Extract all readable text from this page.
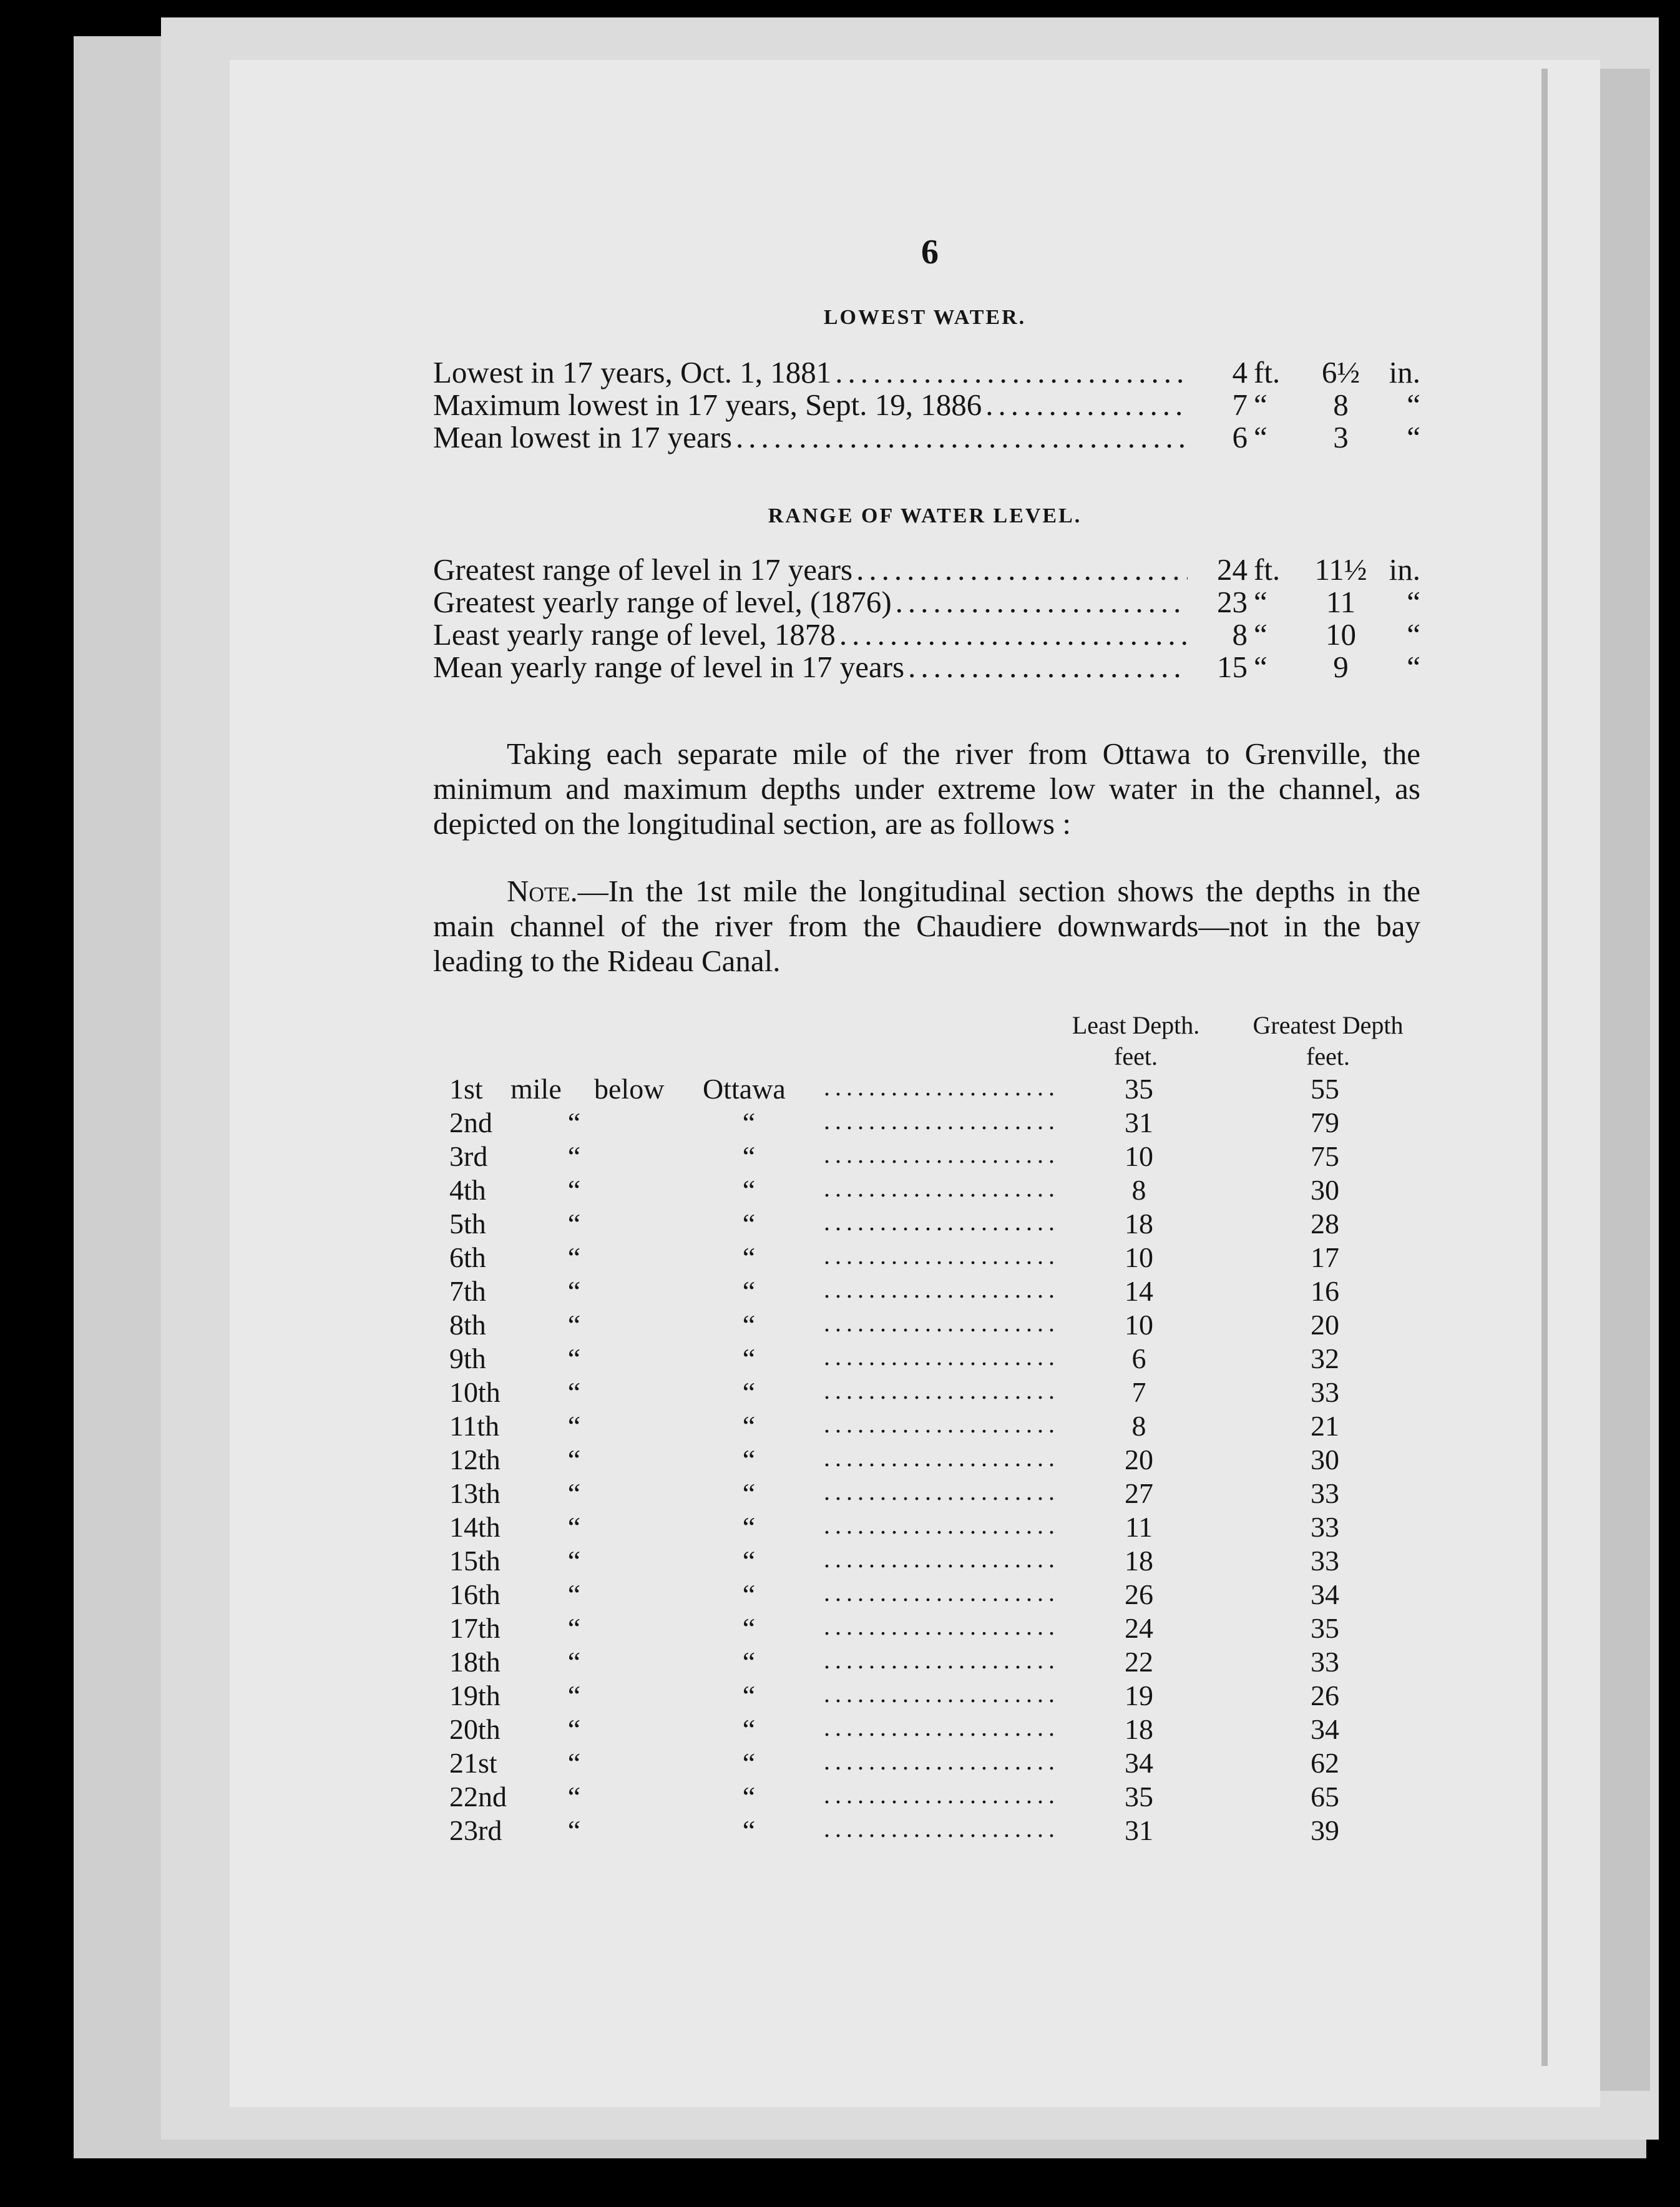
6
LOWEST WATER.
Lowest in 17 years, Oct. 1, 1881 .....	4 ft.	6½ in.
Maximum lowest in 17 years, Sept. 19, 1886 .....	7 “	8	“
Mean lowest in 17 years .....	6 “	3	“
RANGE OF WATER LEVEL.
Greatest range of level in 17 years .....	24 ft.	11½ in.
Greatest yearly range of level, (1876) .....	23 “	11	“
Least yearly range of level, 1878 .....	8 “	10	“
Mean yearly range of level in 17 years .....	15 “	9	“
Taking each separate mile of the river from Ottawa to Grenville, the minimum and maximum depths under extreme low water in the channel, as depicted on the longitudinal section, are as follows :
Note.—In the 1st mile the longitudinal section shows the depths in the main channel of the river from the Chaudiere downwards—not in the bay leading to the Rideau Canal.
Least Depth.
feet.
Greatest Depth
feet.
1st mile below Ottawa .....	35	55
2nd	“	“ .....	31	79
3rd	“	“ .....	10	75
4th	“	“ .....	8	30
5th	“	“ .....	18	28
6th	“	“ .....	10	17
7th	“	“ .....	14	16
8th	“	“ .....	10	20
9th	“	“ .....	6	32
10th	“	“ .....	7	33
11th	“	“ .....	8	21
12th	“	“ .....	20	30
13th	“	“ .....	27	33
14th	“	“ .....	11	33
15th	“	“ .....	18	33
16th	“	“ .....	26	34
17th	“	“ .....	24	35
18th	“	“ .....	22	33
19th	“	“ .....	19	26
20th	“	“ .....	18	34
21st	“	“ .....	34	62
22nd	“	“ .....	35	65
23rd	“	“ .....	31	39
